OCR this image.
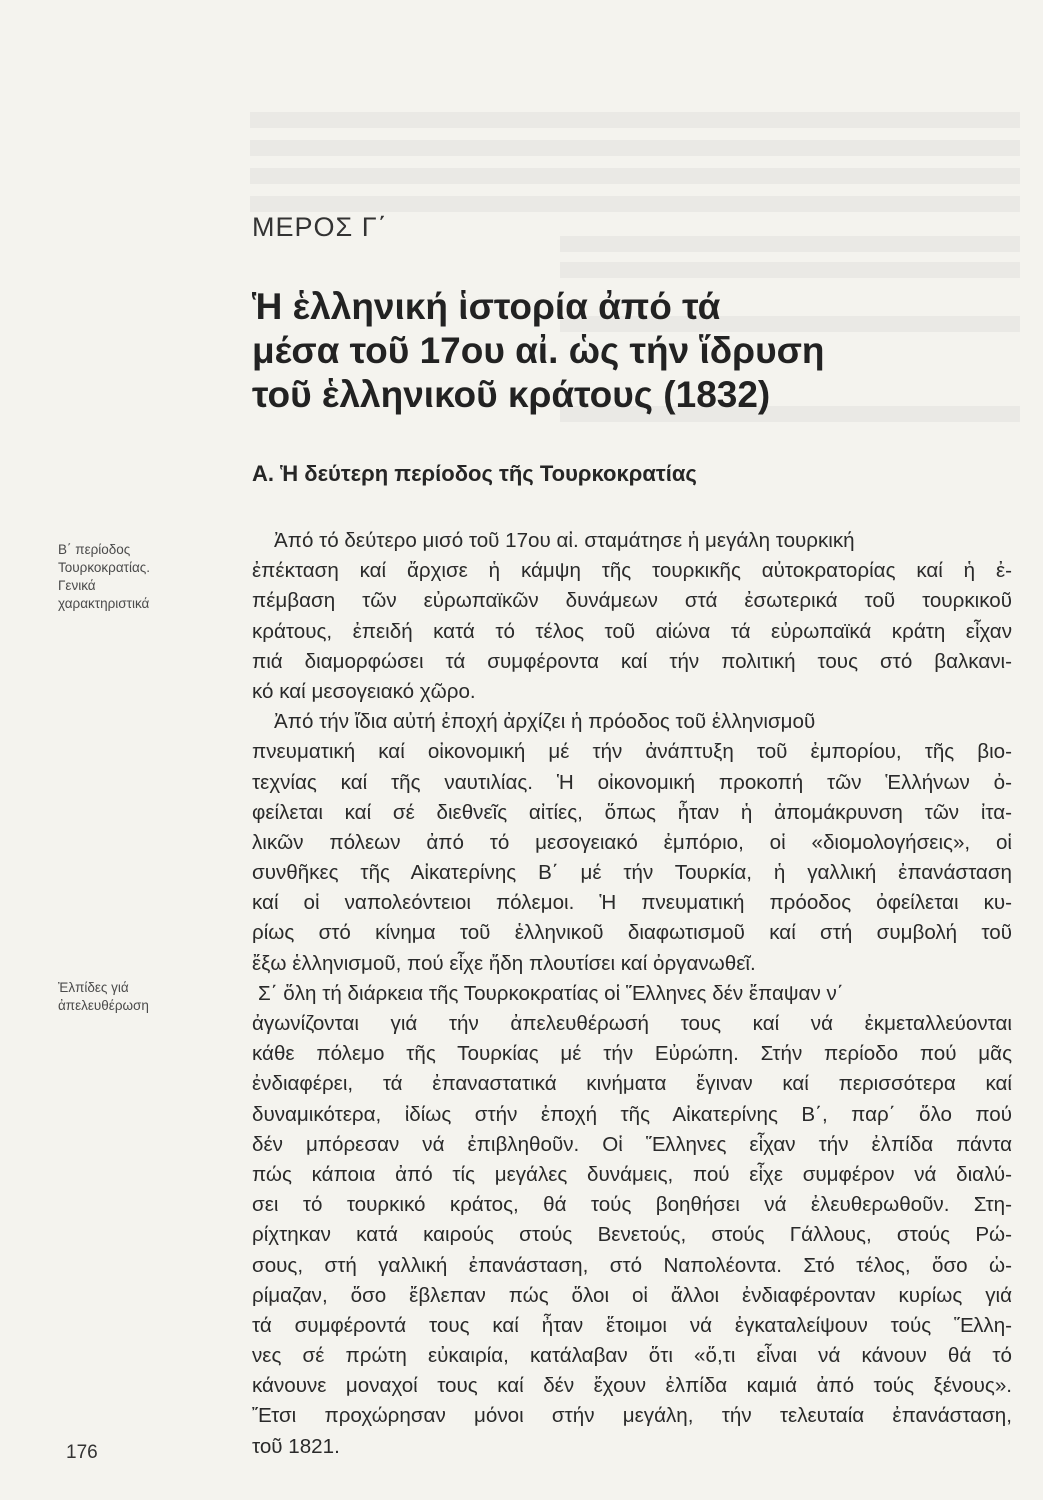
ΜΕΡΟΣ Γ΄
Ἡ ἑλληνική ἱστορία ἀπό τά
μέσα τοῦ 17ου αἰ. ὡς τήν ἵδρυση
τοῦ ἑλληνικοῦ κράτους (1832)
Α. Ἡ δεύτερη περίοδος τῆς Τουρκοκρατίας
Β΄ περίοδος
Τουρκοκρατίας.
Γενικά
χαρακτηριστικά
Ἐλπίδες γιά
ἀπελευθέρωση
Ἀπό τό δεύτερο μισό τοῦ 17ου αἰ. σταμάτησε ἡ μεγάλη τουρκική
ἐπέκταση καί ἄρχισε ἡ κάμψη τῆς τουρκικῆς αὐτοκρατορίας καί ἡ ἐ-
πέμβαση τῶν εὐρωπαϊκῶν δυνάμεων στά ἐσωτερικά τοῦ τουρκικοῦ
κράτους, ἐπειδή κατά τό τέλος τοῦ αἰώνα τά εὐρωπαϊκά κράτη εἶχαν
πιά διαμορφώσει τά συμφέροντα καί τήν πολιτική τους στό βαλκανι-
κό καί μεσογειακό χῶρο.
Ἀπό τήν ἴδια αὐτή ἐποχή ἀρχίζει ἡ πρόοδος τοῦ ἑλληνισμοῦ
πνευματική καί οἰκονομική μέ τήν ἀνάπτυξη τοῦ ἐμπορίου, τῆς βιο-
τεχνίας καί τῆς ναυτιλίας. Ἡ οἰκονομική προκοπή τῶν Ἑλλήνων ὀ-
φείλεται καί σέ διεθνεῖς αἰτίες, ὅπως ἦταν ἡ ἀπομάκρυνση τῶν ἰτα-
λικῶν πόλεων ἀπό τό μεσογειακό ἐμπόριο, οἱ «διομολογήσεις», οἱ
συνθῆκες τῆς Αἰκατερίνης Β΄ μέ τήν Τουρκία, ἡ γαλλική ἐπανάσταση
καί οἱ ναπολεόντειοι πόλεμοι. Ἡ πνευματική πρόοδος ὀφείλεται κυ-
ρίως στό κίνημα τοῦ ἑλληνικοῦ διαφωτισμοῦ καί στή συμβολή τοῦ
ἔξω ἑλληνισμοῦ, πού εἶχε ἤδη πλουτίσει καί ὀργανωθεῖ.
Σ΄ ὅλη τή διάρκεια τῆς Τουρκοκρατίας οἱ Ἕλληνες δέν ἔπαψαν ν΄
ἀγωνίζονται γιά τήν ἀπελευθέρωσή τους καί νά ἐκμεταλλεύονται
κάθε πόλεμο τῆς Τουρκίας μέ τήν Εὐρώπη. Στήν περίοδο πού μᾶς
ἐνδιαφέρει, τά ἐπαναστατικά κινήματα ἔγιναν καί περισσότερα καί
δυναμικότερα, ἰδίως στήν ἐποχή τῆς Αἰκατερίνης Β΄, παρ΄ ὅλο πού
δέν μπόρεσαν νά ἐπιβληθοῦν. Οἱ Ἕλληνες εἶχαν τήν ἐλπίδα πάντα
πώς κάποια ἀπό τίς μεγάλες δυνάμεις, πού εἶχε συμφέρον νά διαλύ-
σει τό τουρκικό κράτος, θά τούς βοηθήσει νά ἐλευθερωθοῦν. Στη-
ρίχτηκαν κατά καιρούς στούς Βενετούς, στούς Γάλλους, στούς Ρώ-
σους, στή γαλλική ἐπανάσταση, στό Ναπολέοντα. Στό τέλος, ὅσο ὡ-
ρίμαζαν, ὅσο ἔβλεπαν πώς ὅλοι οἱ ἄλλοι ἐνδιαφέρονταν κυρίως γιά
τά συμφέροντά τους καί ἦταν ἕτοιμοι νά ἐγκαταλείψουν τούς Ἕλλη-
νες σέ πρώτη εὐκαιρία, κατάλαβαν ὅτι «ὅ,τι εἶναι νά κάνουν θά τό
κάνουνε μοναχοί τους καί δέν ἔχουν ἐλπίδα καμιά ἀπό τούς ξένους».
Ἔτσι προχώρησαν μόνοι στήν μεγάλη, τήν τελευταία ἐπανάσταση,
τοῦ 1821.
176
